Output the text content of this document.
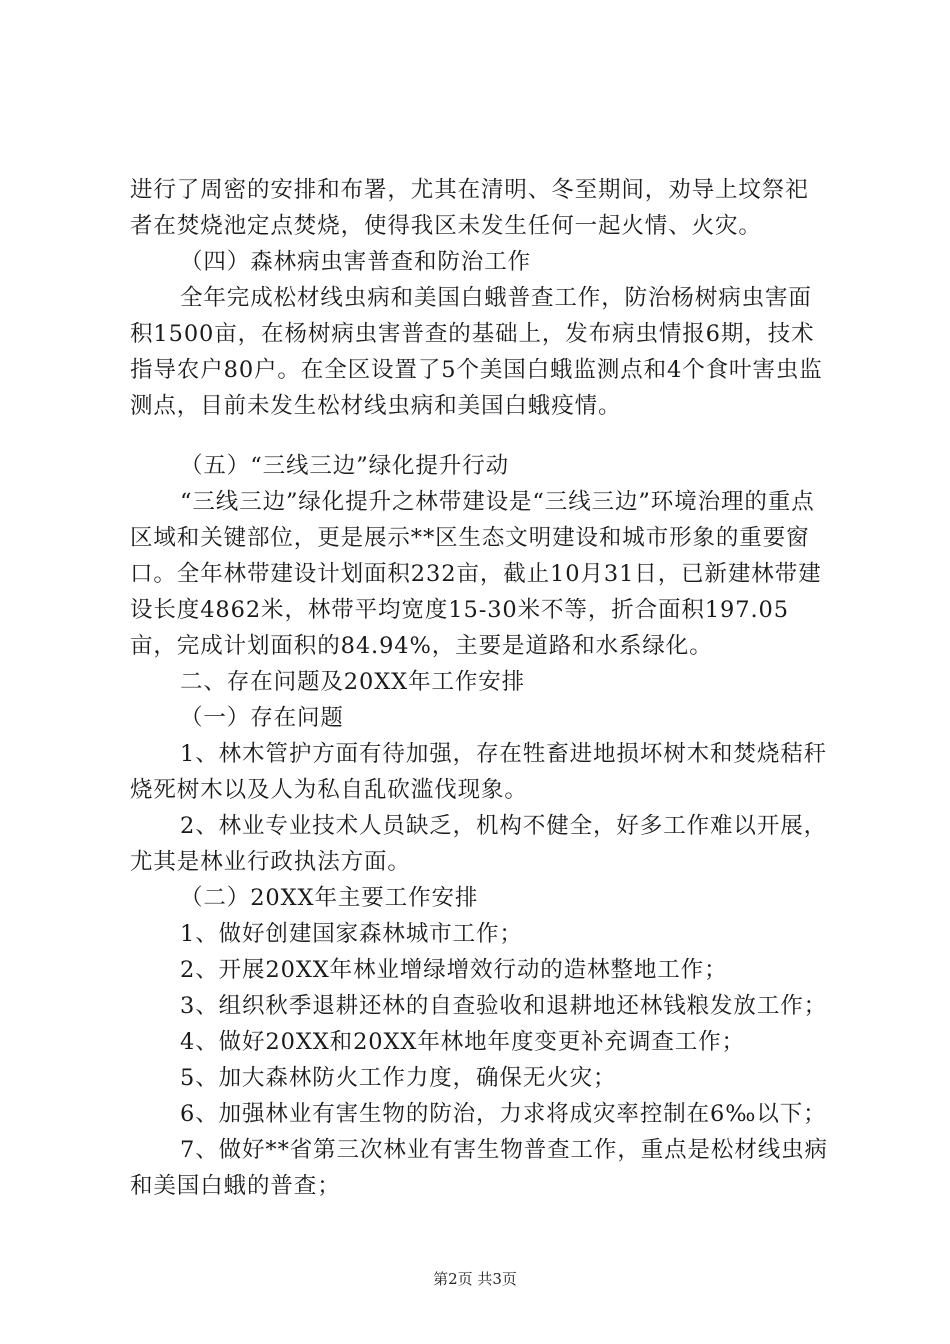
进行了周密的安排和布署，尤其在清明、冬至期间，劝导上坟祭祀者在焚烧池定点焚烧，使得我区未发生任何一起火情、火灾。

（四）森林病虫害普查和防治工作

全年完成松材线虫病和美国白蛾普查工作，防治杨树病虫害面积1500亩，在杨树病虫害普查的基础上，发布病虫情报6期，技术指导农户80户。在全区设置了5个美国白蛾监测点和4个食叶害虫监测点，目前未发生松材线虫病和美国白蛾疫情。

（五）“三线三边”绿化提升行动

“三线三边”绿化提升之林带建设是“三线三边”环境治理的重点区域和关键部位，更是展示**区生态文明建设和城市形象的重要窗口。全年林带建设计划面积232亩，截止10月31日，已新建林带建设长度4862米，林带平均宽度15-30米不等，折合面积197.05亩，完成计划面积的84.94%，主要是道路和水系绿化。

二、存在问题及20XX年工作安排

（一）存在问题

1、林木管护方面有待加强，存在牲畜进地损坏树木和焚烧秸秆烧死树木以及人为私自乱砍滥伐现象。

2、林业专业技术人员缺乏，机构不健全，好多工作难以开展，尤其是林业行政执法方面。

（二）20XX年主要工作安排

1、做好创建国家森林城市工作；

2、开展20XX年林业增绿增效行动的造林整地工作；

3、组织秋季退耕还林的自查验收和退耕地还林钱粮发放工作；

4、做好20XX和20XX年林地年度变更补充调查工作；

5、加大森林防火工作力度，确保无火灾；

6、加强林业有害生物的防治，力求将成灾率控制在6‰以下；

7、做好**省第三次林业有害生物普查工作，重点是松材线虫病和美国白蛾的普查；

第2页 共3页
